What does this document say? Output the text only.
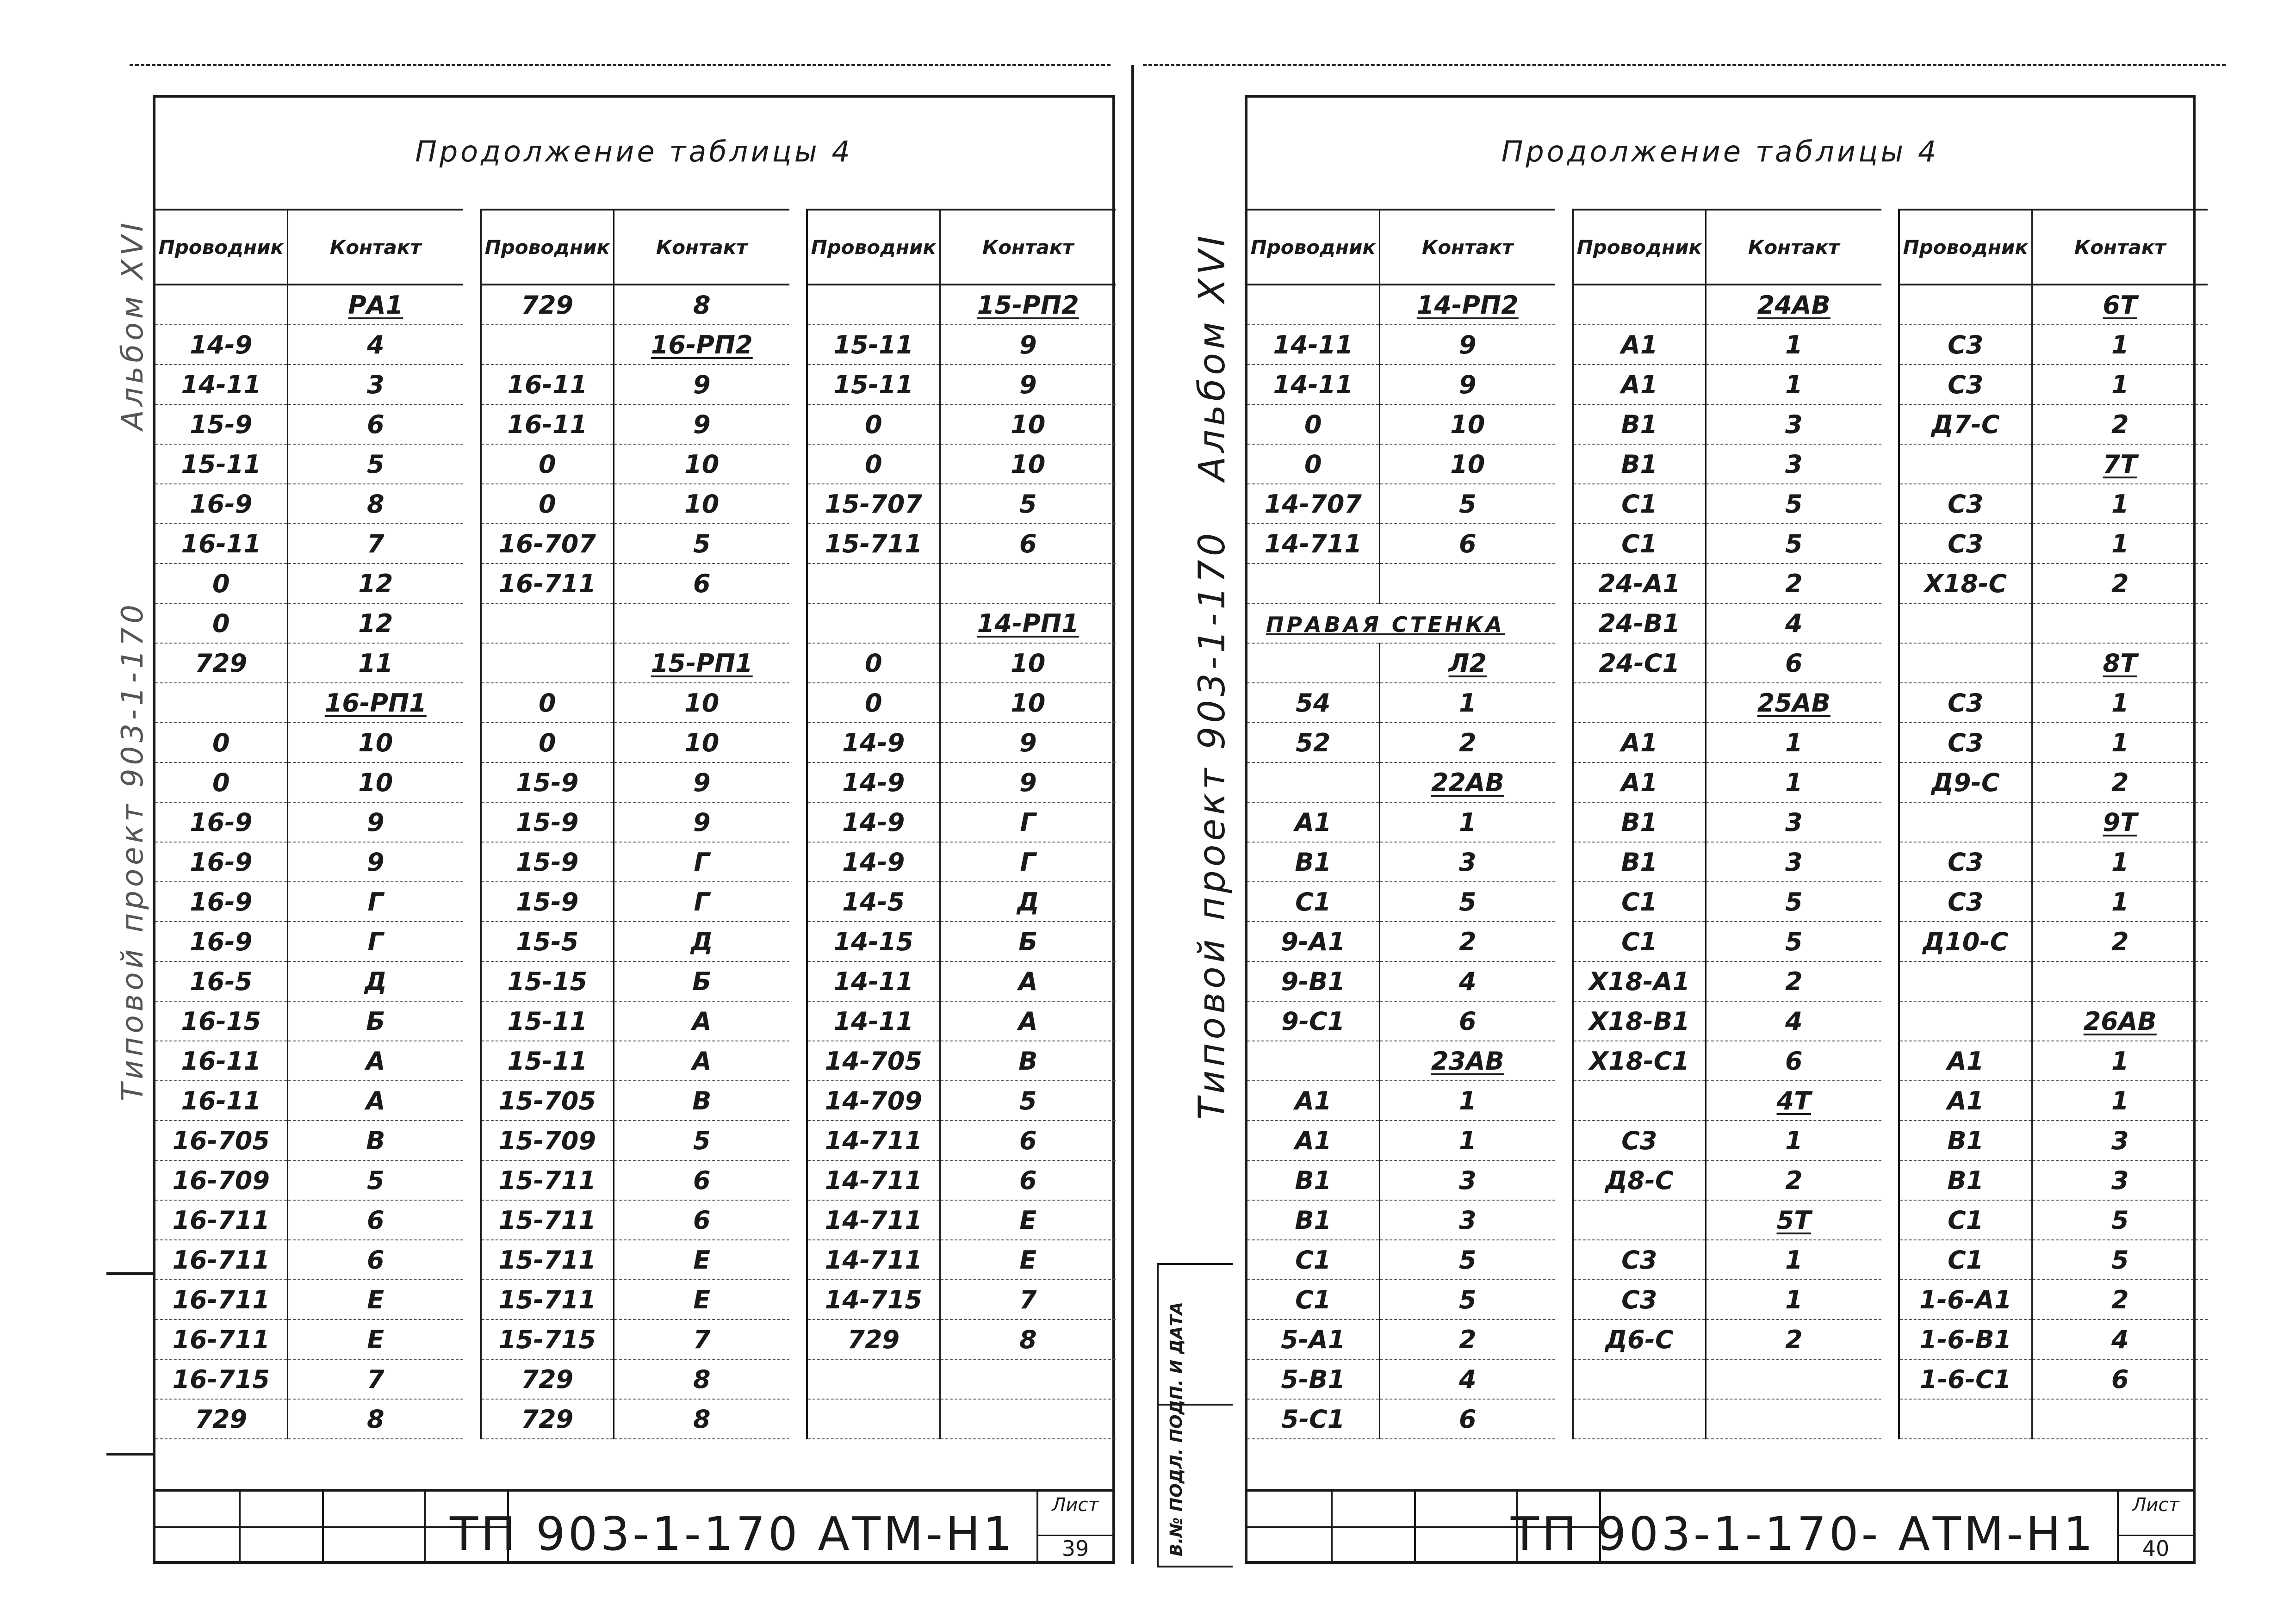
Типовой проект 903-1-170
Альбом XVI
Типовой проект 903-1-170
Альбом XVI
В.№ ПОДЛ. ПОДП. И ДАТА
Продолжение таблицы 4
Проводник	Контакт
	РА1
14-9	4
14-11	3
15-9	6
15-11	5
16-9	8
16-11	7
0	12
0	12
729	11
	16-РП1
0	10
0	10
16-9	9
16-9	9
16-9	Г
16-9	Г
16-5	Д
16-15	Б
16-11	А
16-11	А
16-705	В
16-709	5
16-711	6
16-711	6
16-711	Е
16-711	Е
16-715	7
729	8
Проводник	Контакт
729	8
	16-РП2
16-11	9
16-11	9
0	10
0	10
16-707	5
16-711	6

	15-РП1
0	10
0	10
15-9	9
15-9	9
15-9	Г
15-9	Г
15-5	Д
15-15	Б
15-11	А
15-11	А
15-705	В
15-709	5
15-711	6
15-711	6
15-711	Е
15-711	Е
15-715	7
729	8
729	8
Проводник	Контакт
	15-РП2
15-11	9
15-11	9
0	10
0	10
15-707	5
15-711	6

	14-РП1
0	10
0	10
14-9	9
14-9	9
14-9	Г
14-9	Г
14-5	Д
14-15	Б
14-11	А
14-11	А
14-705	В
14-709	5
14-711	6
14-711	6
14-711	Е
14-711	Е
14-715	7
729	8

ТП 903-1-170 АТМ-Н1
Лист
39
Продолжение таблицы 4
Проводник	Контакт
	14-РП2
14-11	9
14-11	9
0	10
0	10
14-707	5
14-711	6

ПРАВАЯ СТЕНКА	
	Л2
54	1
52	2
	22АВ
А1	1
В1	3
С1	5
9-А1	2
9-В1	4
9-С1	6
	23АВ
А1	1
А1	1
В1	3
В1	3
С1	5
С1	5
5-А1	2
5-В1	4
5-С1	6
Проводник	Контакт
	24АВ
А1	1
А1	1
В1	3
В1	3
С1	5
С1	5
24-А1	2
24-В1	4
24-С1	6
	25АВ
А1	1
А1	1
В1	3
В1	3
С1	5
С1	5
Х18-А1	2
Х18-В1	4
Х18-С1	6
	4Т
С3	1
Д8-С	2
	5Т
С3	1
С3	1
Д6-С	2

Проводник	Контакт
	6Т
С3	1
С3	1
Д7-С	2
	7Т
С3	1
С3	1
Х18-С	2

	8Т
С3	1
С3	1
Д9-С	2
	9Т
С3	1
С3	1
Д10-С	2

	26АВ
А1	1
А1	1
В1	3
В1	3
С1	5
С1	5
1-6-А1	2
1-6-В1	4
1-6-С1	6

ТП 903-1-170- АТМ-Н1
Лист
40
